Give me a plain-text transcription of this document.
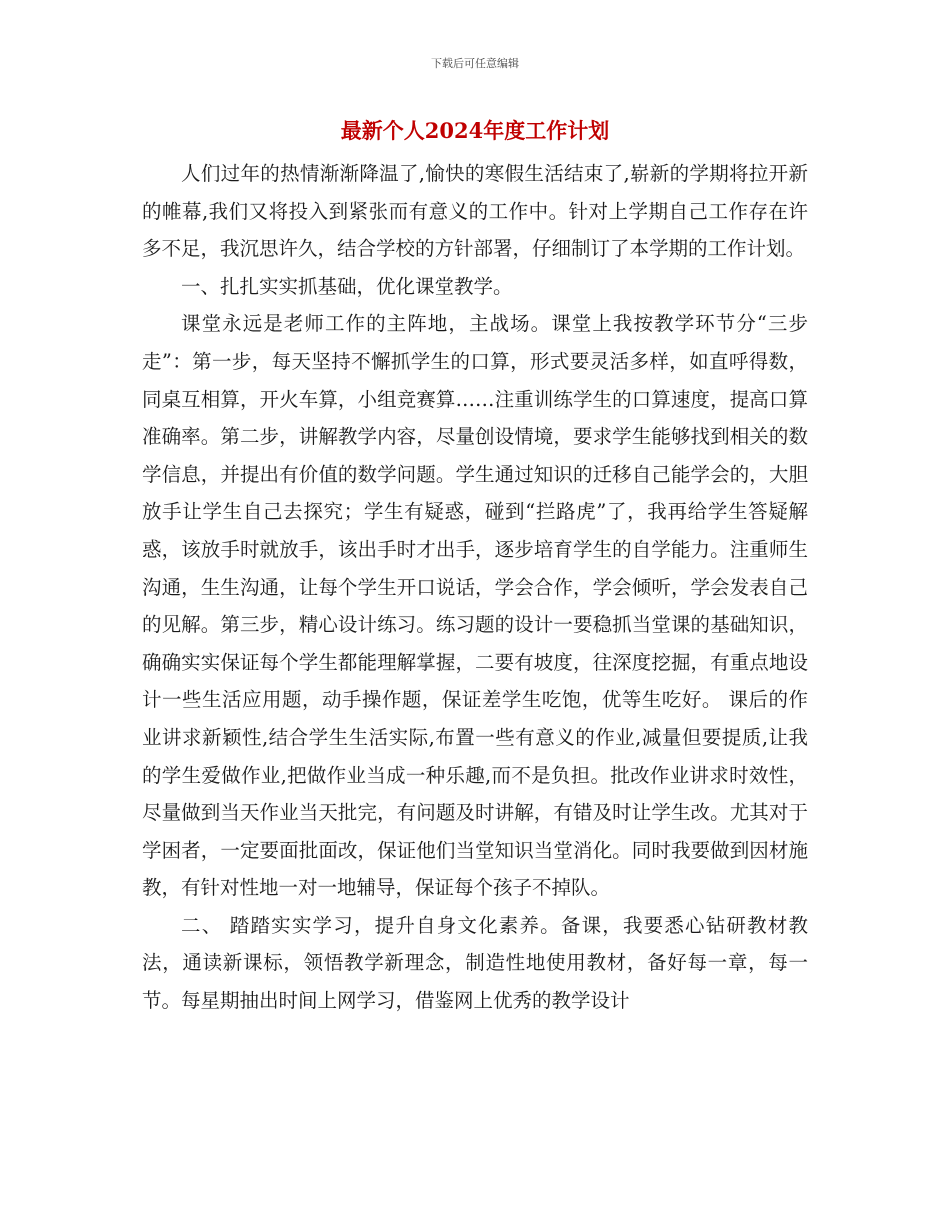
下载后可任意编辑
最新个人2024年度工作计划

人们过年的热情渐渐降温了,愉快的寒假生活结束了,崭新的学期将拉开新的帷幕,我们又将投入到紧张而有意义的工作中。针对上学期自己工作存在许多不足，我沉思许久，结合学校的方针部署，仔细制订了本学期的工作计划。

一、扎扎实实抓基础，优化课堂教学。

课堂永远是老师工作的主阵地，主战场。课堂上我按教学环节分“三步走”：第一步，每天坚持不懈抓学生的口算，形式要灵活多样，如直呼得数，同桌互相算，开火车算，小组竞赛算……注重训练学生的口算速度，提高口算准确率。第二步，讲解教学内容，尽量创设情境，要求学生能够找到相关的数学信息，并提出有价值的数学问题。学生通过知识的迁移自己能学会的，大胆放手让学生自己去探究；学生有疑惑，碰到“拦路虎”了，我再给学生答疑解惑，该放手时就放手，该出手时才出手，逐步培育学生的自学能力。注重师生沟通，生生沟通，让每个学生开口说话，学会合作，学会倾听，学会发表自己的见解。第三步，精心设计练习。练习题的设计一要稳抓当堂课的基础知识，确确实实保证每个学生都能理解掌握，二要有坡度，往深度挖掘，有重点地设计一些生活应用题，动手操作题，保证差学生吃饱，优等生吃好。 课后的作业讲求新颖性,结合学生生活实际,布置一些有意义的作业,减量但要提质,让我的学生爱做作业,把做作业当成一种乐趣,而不是负担。批改作业讲求时效性，尽量做到当天作业当天批完，有问题及时讲解，有错及时让学生改。尤其对于学困者，一定要面批面改，保证他们当堂知识当堂消化。同时我要做到因材施教，有针对性地一对一地辅导，保证每个孩子不掉队。

二、 踏踏实实学习，提升自身文化素养。备课，我要悉心钻研教材教法，通读新课标，领悟教学新理念，制造性地使用教材，备好每一章，每一节。每星期抽出时间上网学习，借鉴网上优秀的教学设计
